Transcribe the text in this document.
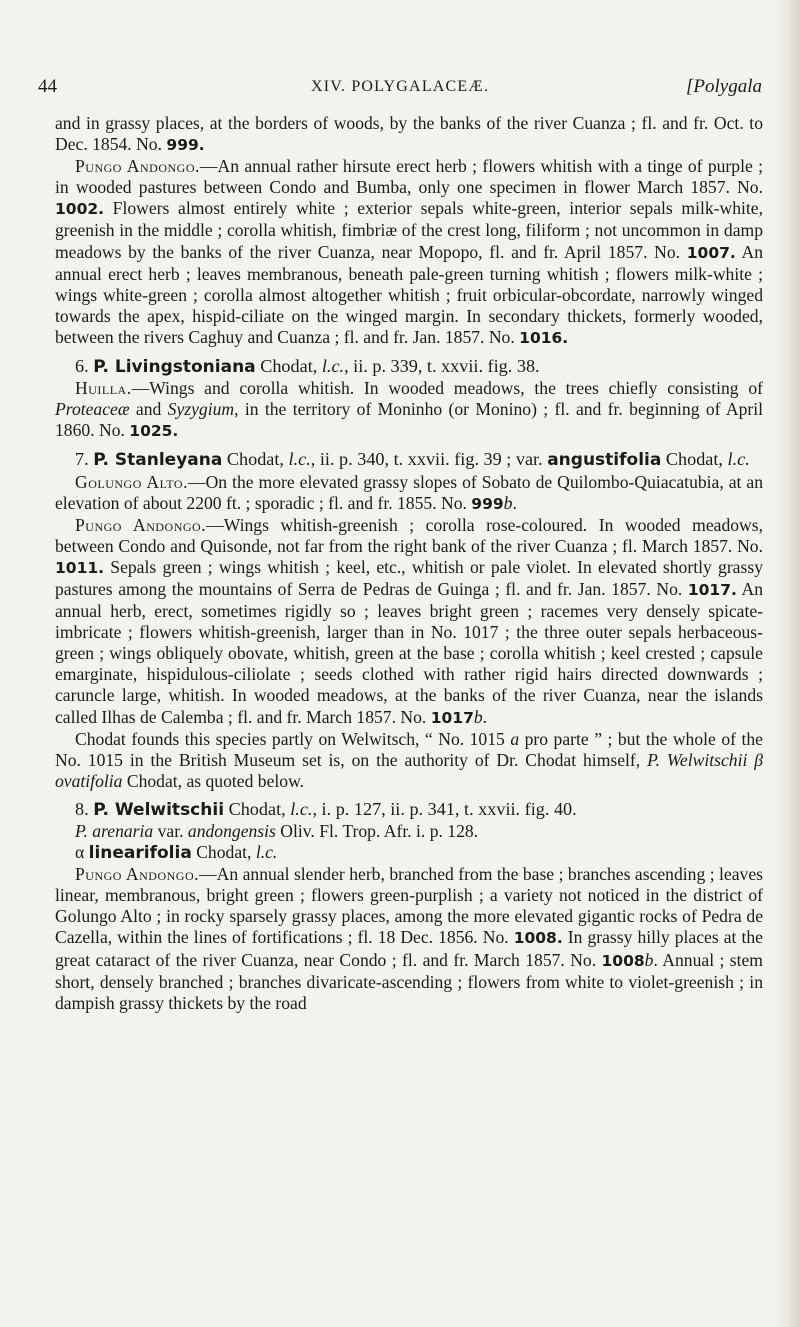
44	XIV. POLYGALACEÆ.	[Polygala

and in grassy places, at the borders of woods, by the banks of the river Cuanza ; fl. and fr. Oct. to Dec. 1854. No. 999.

Pungo Andongo.—An annual rather hirsute erect herb ; flowers whitish with a tinge of purple ; in wooded pastures between Condo and Bumba, only one specimen in flower March 1857. No. 1002. Flowers almost entirely white ; exterior sepals white-green, interior sepals milk-white, greenish in the middle ; corolla whitish, fimbriæ of the crest long, filiform ; not uncommon in damp meadows by the banks of the river Cuanza, near Mopopo, fl. and fr. April 1857. No. 1007. An annual erect herb ; leaves membranous, beneath pale-green turning whitish ; flowers milk-white ; wings white-green ; corolla almost altogether whitish ; fruit orbicular-obcordate, narrowly winged towards the apex, hispid-ciliate on the winged margin. In secondary thickets, formerly wooded, between the rivers Caghuy and Cuanza ; fl. and fr. Jan. 1857. No. 1016.

6. P. Livingstoniana Chodat, l.c., ii. p. 339, t. xxvii. fig. 38.

Huilla.—Wings and corolla whitish. In wooded meadows, the trees chiefly consisting of Proteaceæ and Syzygium, in the territory of Moninho (or Monino) ; fl. and fr. beginning of April 1860. No. 1025.

7. P. Stanleyana Chodat, l.c., ii. p. 340, t. xxvii. fig. 39 ; var. angustifolia Chodat, l.c.

Golungo Alto.—On the more elevated grassy slopes of Sobato de Quilombo-Quiacatubia, at an elevation of about 2200 ft. ; sporadic ; fl. and fr. 1855. No. 999b.

Pungo Andongo.—Wings whitish-greenish ; corolla rose-coloured. In wooded meadows, between Condo and Quisonde, not far from the right bank of the river Cuanza ; fl. March 1857. No. 1011. Sepals green ; wings whitish ; keel, etc., whitish or pale violet. In elevated shortly grassy pastures among the mountains of Serra de Pedras de Guinga ; fl. and fr. Jan. 1857. No. 1017. An annual herb, erect, sometimes rigidly so ; leaves bright green ; racemes very densely spicate-imbricate ; flowers whitish-greenish, larger than in No. 1017 ; the three outer sepals herbaceous-green ; wings obliquely obovate, whitish, green at the base ; corolla whitish ; keel crested ; capsule emarginate, hispidulous-ciliolate ; seeds clothed with rather rigid hairs directed downwards ; caruncle large, whitish. In wooded meadows, at the banks of the river Cuanza, near the islands called Ilhas de Calemba ; fl. and fr. March 1857. No. 1017b.

Chodat founds this species partly on Welwitsch, “ No. 1015 a pro parte ” ; but the whole of the No. 1015 in the British Museum set is, on the authority of Dr. Chodat himself, P. Welwitschii β ovatifolia Chodat, as quoted below.

8. P. Welwitschii Chodat, l.c., i. p. 127, ii. p. 341, t. xxvii. fig. 40.

P. arenaria var. andongensis Oliv. Fl. Trop. Afr. i. p. 128.

α linearifolia Chodat, l.c.

Pungo Andongo.—An annual slender herb, branched from the base ; branches ascending ; leaves linear, membranous, bright green ; flowers green-purplish ; a variety not noticed in the district of Golungo Alto ; in rocky sparsely grassy places, among the more elevated gigantic rocks of Pedra de Cazella, within the lines of fortifications ; fl. 18 Dec. 1856. No. 1008. In grassy hilly places at the great cataract of the river Cuanza, near Condo ; fl. and fr. March 1857. No. 1008b. Annual ; stem short, densely branched ; branches divaricate-ascending ; flowers from white to violet-greenish ; in dampish grassy thickets by the road
